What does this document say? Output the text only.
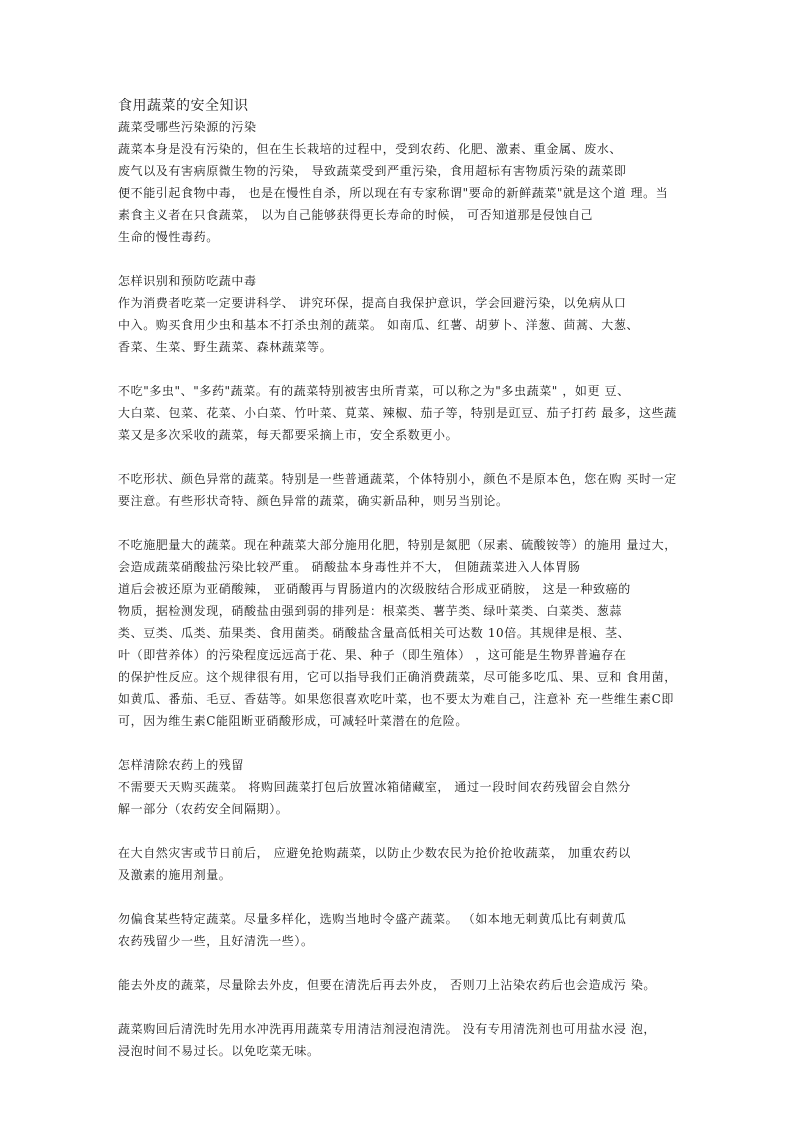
食用蔬菜的安全知识
蔬菜受哪些污染源的污染
蔬菜本身是没有污染的，但在生长栽培的过程中，受到农药、化肥、激素、重金属、废水、
废气以及有害病原微生物的污染， 导致蔬菜受到严重污染，食用超标有害物质污染的蔬菜即
便不能引起食物中毒， 也是在慢性自杀，所以现在有专家称谓"要命的新鲜蔬菜"就是这个道 理。当
素食主义者在只食蔬菜， 以为自己能够获得更长寿命的时候， 可否知道那是侵蚀自己
生命的慢性毒药。
怎样识别和预防吃蔬中毒
作为消费者吃菜一定要讲科学、 讲究环保，提高自我保护意识，学会回避污染，以免病从口
中入。购买食用少虫和基本不打杀虫剂的蔬菜。 如南瓜、红薯、胡萝卜、洋葱、茴蒿、大葱、
香菜、生菜、野生蔬菜、森林蔬菜等。
不吃"多虫"、"多药"蔬菜。有的蔬菜特别被害虫所青菜，可以称之为"多虫蔬菜" ，如更 豆、
大白菜、包菜、花菜、小白菜、竹叶菜、莧菜、辣椒、茄子等，特别是豇豆、茄子打药 最多，这些蔬
菜又是多次采收的蔬菜，每天都要采摘上市，安全系数更小。
不吃形状、颜色异常的蔬菜。特别是一些普通蔬菜，个体特别小，颜色不是原本色，您在购 买时一定
要注意。有些形状奇特、颜色异常的蔬菜，确实新品种，则另当别论。
不吃施肥量大的蔬菜。现在种蔬菜大部分施用化肥，特别是氮肥（尿素、硫酸铵等）的施用 量过大，
会造成蔬菜硝酸盐污染比较严重。 硝酸盐本身毒性并不大， 但随蔬菜进入人体胃肠
道后会被还原为亚硝酸辣， 亚硝酸再与胃肠道内的次级胺结合形成亚硝胺， 这是一种致癌的
物质，据检测发现，硝酸盐由强到弱的排列是：根菜类、薯芋类、绿叶菜类、白菜类、葱蒜
类、豆类、瓜类、茄果类、食用菌类。硝酸盐含量高低相关可达数 10倍。其规律是根、茎、
叶（即营养体）的污染程度远远高于花、果、种子（即生殖体） ，这可能是生物界普遍存在
的保护性反应。这个规律很有用，它可以指导我们正确消费蔬菜，尽可能多吃瓜、果、豆和 食用菌，
如黄瓜、番茄、毛豆、香菇等。如果您很喜欢吃叶菜，也不要太为难自己，注意补 充一些维生素C即
可，因为维生素C能阻断亚硝酸形成，可减轻叶菜潜在的危险。
怎样清除农药上的残留
不需要天天购买蔬菜。 将购回蔬菜打包后放置冰箱储藏室， 通过一段时间农药残留会自然分
解一部分（农药安全间隔期）。
在大自然灾害或节日前后， 应避免抢购蔬菜，以防止少数农民为抢价抢收蔬菜， 加重农药以
及激素的施用剂量。
勿偏食某些特定蔬菜。尽量多样化，选购当地时令盛产蔬菜。 （如本地无刺黄瓜比有刺黄瓜
农药残留少一些，且好清洗一些）。
能去外皮的蔬菜，尽量除去外皮，但要在清洗后再去外皮， 否则刀上沾染农药后也会造成污 染。
蔬菜购回后清洗时先用水冲洗再用蔬菜专用清洁剂浸泡清洗。 没有专用清洗剂也可用盐水浸 泡，
浸泡时间不易过长。以免吃菜无味。
